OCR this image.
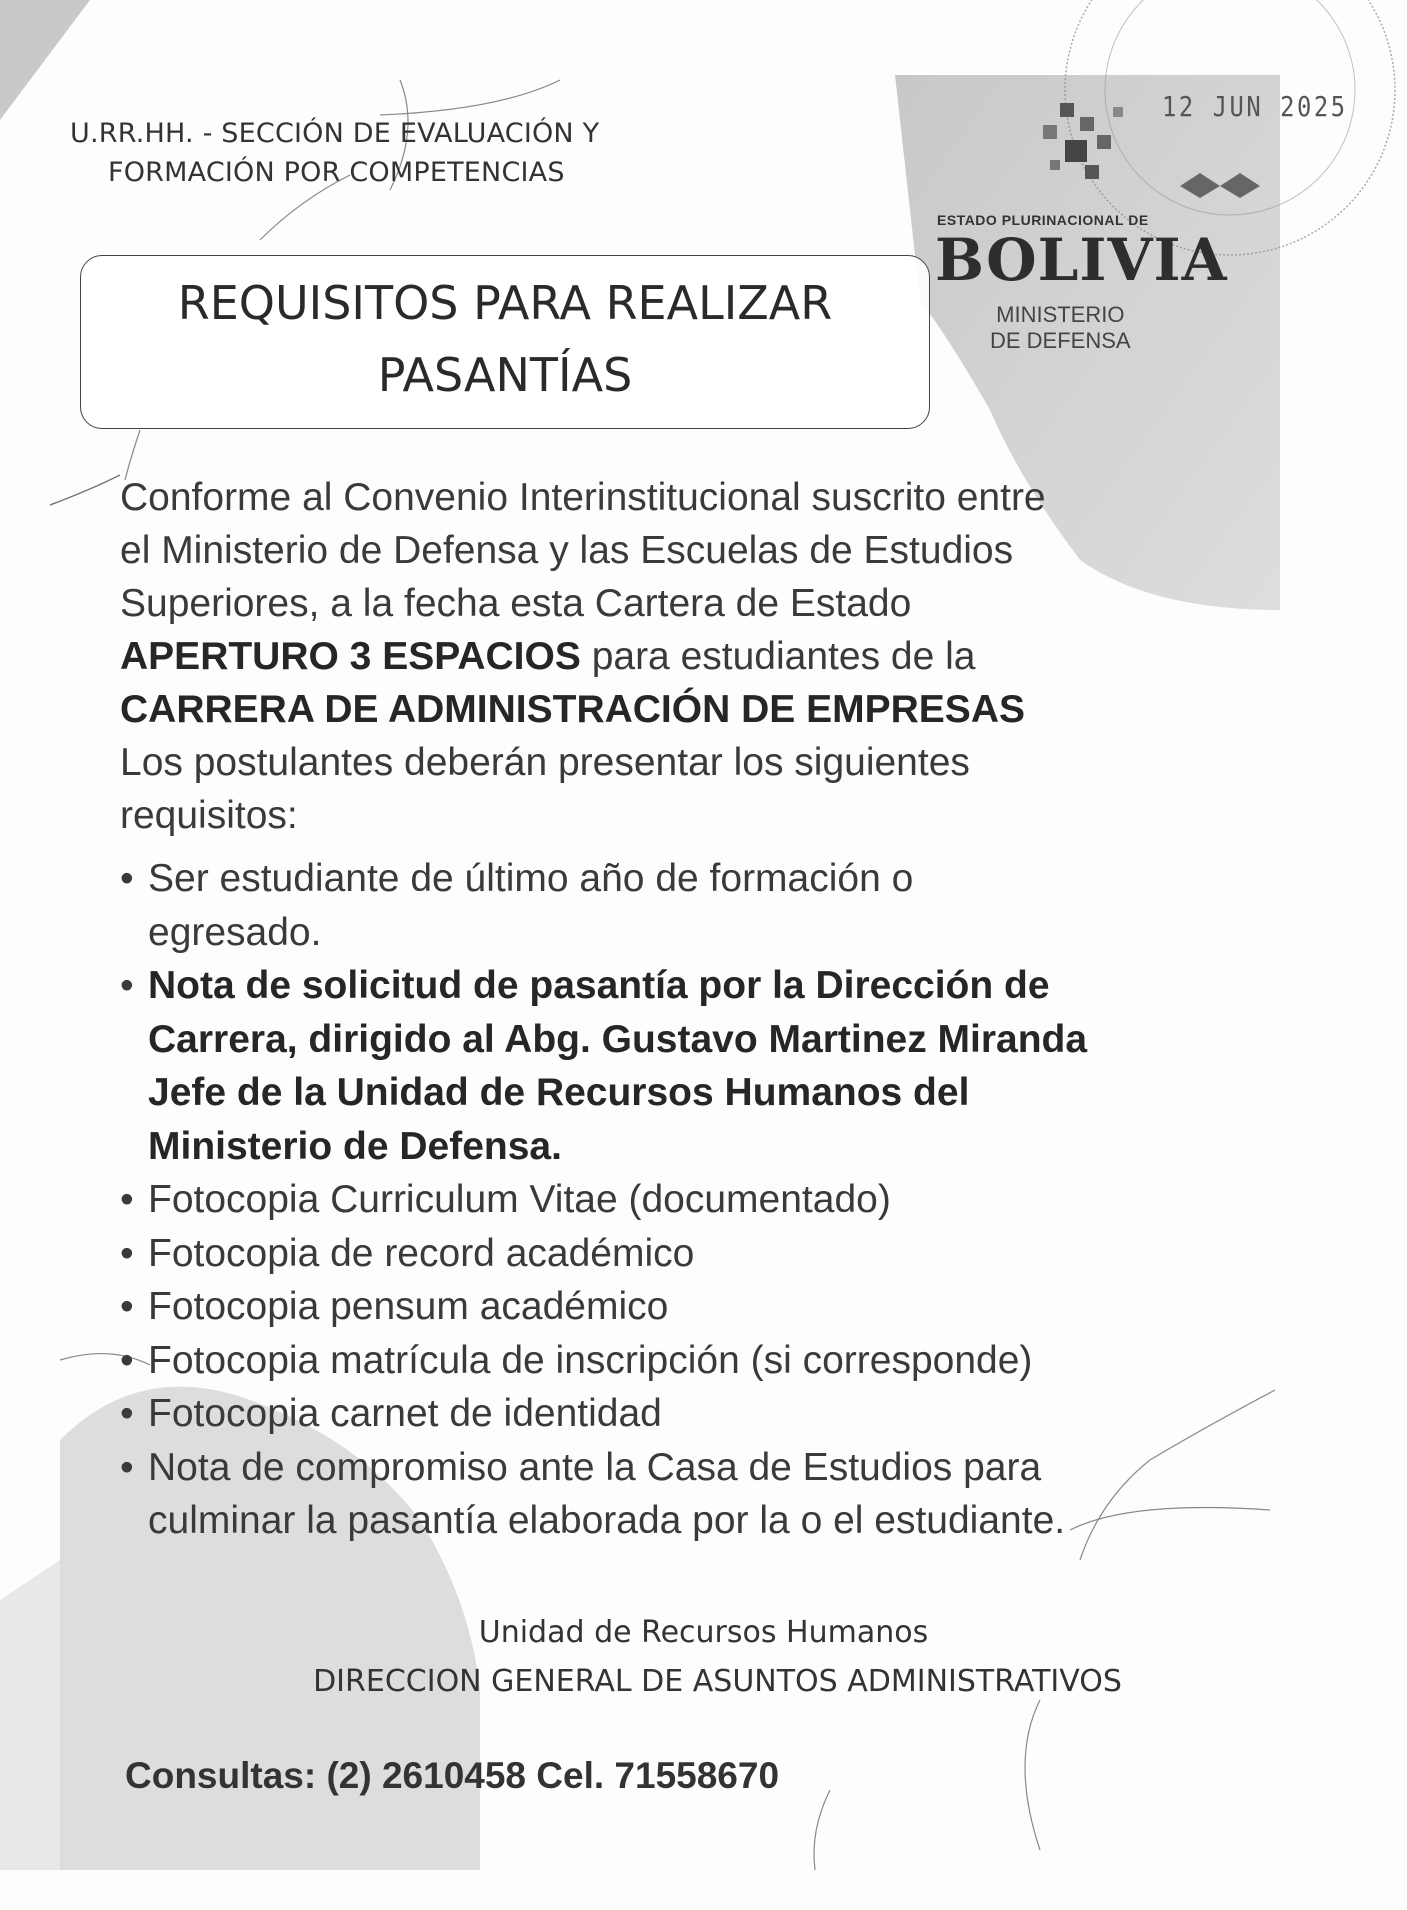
ESTADO PLURINACIONAL DE
BOLIVIA
MINISTERIO
DE DEFENSA
12 JUN 2025
U.RR.HH. - SECCIÓN DE EVALUACIÓN Y
FORMACIÓN POR COMPETENCIAS
REQUISITOS PARA REALIZAR
PASANTÍAS
Conforme al Convenio Interinstitucional suscrito entre
el Ministerio de Defensa y las Escuelas de Estudios
Superiores, a la fecha esta Cartera de Estado
APERTURO 3 ESPACIOS para estudiantes de la
CARRERA DE ADMINISTRACIÓN DE EMPRESAS
Los postulantes deberán presentar los siguientes
requisitos:
• Ser estudiante de último año de formación o
egresado.
• Nota de solicitud de pasantía por la Dirección de
Carrera, dirigido al Abg. Gustavo Martinez Miranda
Jefe de la Unidad de Recursos Humanos del
Ministerio de Defensa.
• Fotocopia Curriculum Vitae (documentado)
• Fotocopia de record académico
• Fotocopia pensum académico
• Fotocopia matrícula de inscripción (si corresponde)
• Fotocopia carnet de identidad
• Nota de compromiso ante la Casa de Estudios para
culminar la pasantía elaborada por la o el estudiante.
Unidad de Recursos Humanos
DIRECCION GENERAL DE ASUNTOS ADMINISTRATIVOS
Consultas: (2) 2610458 Cel. 71558670
